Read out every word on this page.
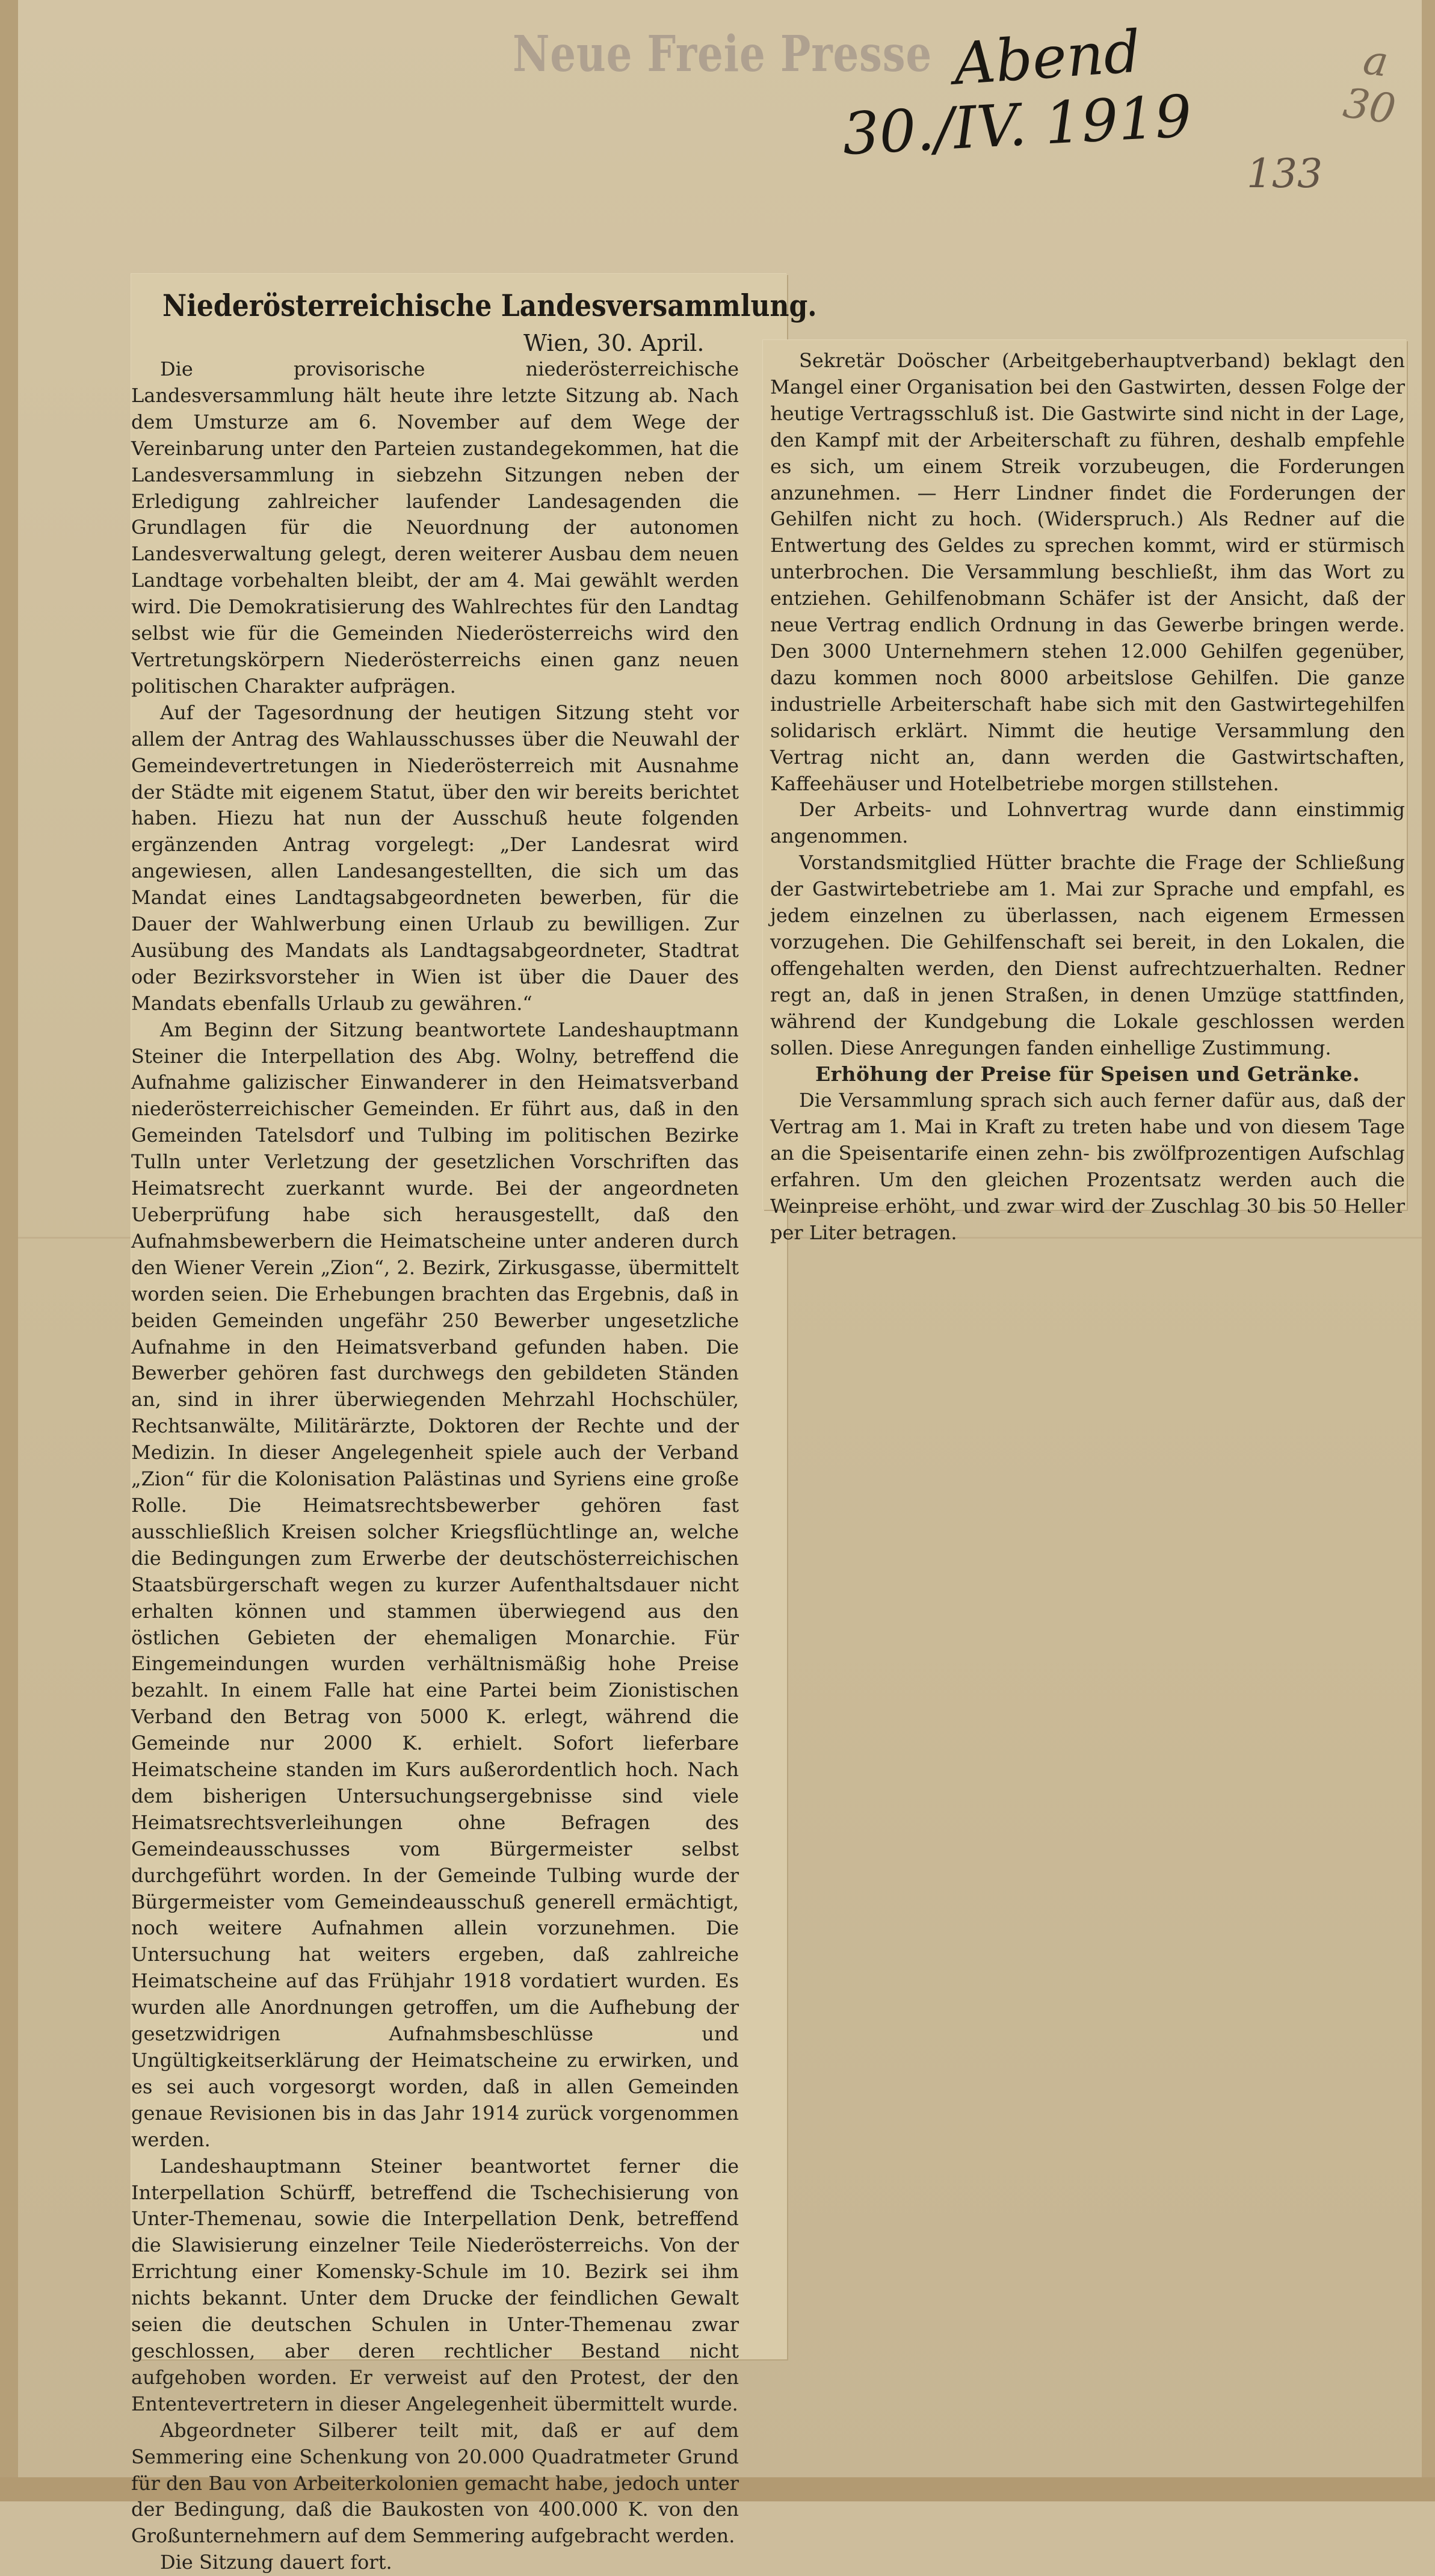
Neue Freie Presse Abend
30./IV. 1919
a
30
133
Niederösterreichische Landesversammlung.
Wien, 30. April.

Die provisorische niederösterreichische Landesversammlung hält heute ihre letzte Sitzung ab. Nach dem Umsturze am 6. November auf dem Wege der Vereinbarung unter den Parteien zustandegekommen, hat die Landesversammlung in siebzehn Sitzungen neben der Erledigung zahlreicher laufender Landesagenden die Grundlagen für die Neuordnung der autonomen Landesverwaltung gelegt, deren weiterer Ausbau dem neuen Landtage vorbehalten bleibt, der am 4. Mai gewählt werden wird. Die Demokratisierung des Wahlrechtes für den Landtag selbst wie für die Gemeinden Niederösterreichs wird den Vertretungskörpern Niederösterreichs einen ganz neuen politischen Charakter aufprägen.

Auf der Tagesordnung der heutigen Sitzung steht vor allem der Antrag des Wahlausschusses über die Neuwahl der Gemeindevertretungen in Niederösterreich mit Ausnahme der Städte mit eigenem Statut, über den wir bereits berichtet haben. Hiezu hat nun der Ausschuß heute folgenden ergänzenden Antrag vorgelegt: „Der Landesrat wird angewiesen, allen Landesangestellten, die sich um das Mandat eines Landtagsabgeordneten bewerben, für die Dauer der Wahlwerbung einen Urlaub zu bewilligen. Zur Ausübung des Mandats als Landtagsabgeordneter, Stadtrat oder Bezirksvorsteher in Wien ist über die Dauer des Mandats ebenfalls Urlaub zu gewähren.“

Am Beginn der Sitzung beantwortete Landeshauptmann Steiner die Interpellation des Abg. Wolny, betreffend die Aufnahme galizischer Einwanderer in den Heimatsverband niederösterreichischer Gemeinden. Er führt aus, daß in den Gemeinden Tatelsdorf und Tulbing im politischen Bezirke Tulln unter Verletzung der gesetzlichen Vorschriften das Heimatsrecht zuerkannt wurde. Bei der angeordneten Ueberprüfung habe sich herausgestellt, daß den Aufnahmsbewerbern die Heimatscheine unter anderen durch den Wiener Verein „Zion“, 2. Bezirk, Zirkusgasse, übermittelt worden seien. Die Erhebungen brachten das Ergebnis, daß in beiden Gemeinden ungefähr 250 Bewerber ungesetzliche Aufnahme in den Heimatsverband gefunden haben. Die Bewerber gehören fast durchwegs den gebildeten Ständen an, sind in ihrer überwiegenden Mehrzahl Hochschüler, Rechtsanwälte, Militärärzte, Doktoren der Rechte und der Medizin. In dieser Angelegenheit spiele auch der Verband „Zion“ für die Kolonisation Palästinas und Syriens eine große Rolle. Die Heimatsrechtsbewerber gehören fast ausschließlich Kreisen solcher Kriegsflüchtlinge an, welche die Bedingungen zum Erwerbe der deutschösterreichischen Staatsbürgerschaft wegen zu kurzer Aufenthaltsdauer nicht erhalten können und stammen überwiegend aus den östlichen Gebieten der ehemaligen Monarchie. Für Eingemeindungen wurden verhältnismäßig hohe Preise bezahlt. In einem Falle hat eine Partei beim Zionistischen Verband den Betrag von 5000 K. erlegt, während die Gemeinde nur 2000 K. erhielt. Sofort lieferbare Heimatscheine standen im Kurs außerordentlich hoch. Nach dem bisherigen Untersuchungsergebnisse sind viele Heimatsrechtsverleihungen ohne Befragen des Gemeindeausschusses vom Bürgermeister selbst durchgeführt worden. In der Gemeinde Tulbing wurde der Bürgermeister vom Gemeindeausschuß generell ermächtigt, noch weitere Aufnahmen allein vorzunehmen. Die Untersuchung hat weiters ergeben, daß zahlreiche Heimatscheine auf das Frühjahr 1918 vordatiert wurden. Es wurden alle Anordnungen getroffen, um die Aufhebung der gesetzwidrigen Aufnahmsbeschlüsse und Ungültigkeitserklärung der Heimatscheine zu erwirken, und es sei auch vorgesorgt worden, daß in allen Gemeinden genaue Revisionen bis in das Jahr 1914 zurück vorgenommen werden.

Landeshauptmann Steiner beantwortet ferner die Interpellation Schürff, betreffend die Tschechisierung von Unter-Themenau, sowie die Interpellation Denk, betreffend die Slawisierung einzelner Teile Niederösterreichs. Von der Errichtung einer Komensky-Schule im 10. Bezirk sei ihm nichts bekannt. Unter dem Drucke der feindlichen Gewalt seien die deutschen Schulen in Unter-Themenau zwar geschlossen, aber deren rechtlicher Bestand nicht aufgehoben worden. Er verweist auf den Protest, der den Ententevertretern in dieser Angelegenheit übermittelt wurde.

Abgeordneter Silberer teilt mit, daß er auf dem Semmering eine Schenkung von 20.000 Quadratmeter Grund für den Bau von Arbeiterkolonien gemacht habe, jedoch unter der Bedingung, daß die Baukosten von 400.000 K. von den Großunternehmern auf dem Semmering aufgebracht werden.

Die Sitzung dauert fort.

Sekretär Doöscher (Arbeitgeberhauptverband) beklagt den Mangel einer Organisation bei den Gastwirten, dessen Folge der heutige Vertragsschluß ist. Die Gastwirte sind nicht in der Lage, den Kampf mit der Arbeiterschaft zu führen, deshalb empfehle es sich, um einem Streik vorzubeugen, die Forderungen anzunehmen. — Herr Lindner findet die Forderungen der Gehilfen nicht zu hoch. (Widerspruch.) Als Redner auf die Entwertung des Geldes zu sprechen kommt, wird er stürmisch unterbrochen. Die Versammlung beschließt, ihm das Wort zu entziehen. Gehilfenobmann Schäfer ist der Ansicht, daß der neue Vertrag endlich Ordnung in das Gewerbe bringen werde. Den 3000 Unternehmern stehen 12.000 Gehilfen gegenüber, dazu kommen noch 8000 arbeitslose Gehilfen. Die ganze industrielle Arbeiterschaft habe sich mit den Gastwirtegehilfen solidarisch erklärt. Nimmt die heutige Versammlung den Vertrag nicht an, dann werden die Gastwirtschaften, Kaffeehäuser und Hotelbetriebe morgen stillstehen.

Der Arbeits- und Lohnvertrag wurde dann einstimmig angenommen.

Vorstandsmitglied Hütter brachte die Frage der Schließung der Gastwirtebetriebe am 1. Mai zur Sprache und empfahl, es jedem einzelnen zu überlassen, nach eigenem Ermessen vorzugehen. Die Gehilfenschaft sei bereit, in den Lokalen, die offengehalten werden, den Dienst aufrechtzuerhalten. Redner regt an, daß in jenen Straßen, in denen Umzüge stattfinden, während der Kundgebung die Lokale geschlossen werden sollen. Diese Anregungen fanden einhellige Zustimmung.

Erhöhung der Preise für Speisen und Getränke.

Die Versammlung sprach sich auch ferner dafür aus, daß der Vertrag am 1. Mai in Kraft zu treten habe und von diesem Tage an die Speisentarife einen zehn- bis zwölfprozentigen Aufschlag erfahren. Um den gleichen Prozentsatz werden auch die Weinpreise erhöht, und zwar wird der Zuschlag 30 bis 50 Heller per Liter betragen.
